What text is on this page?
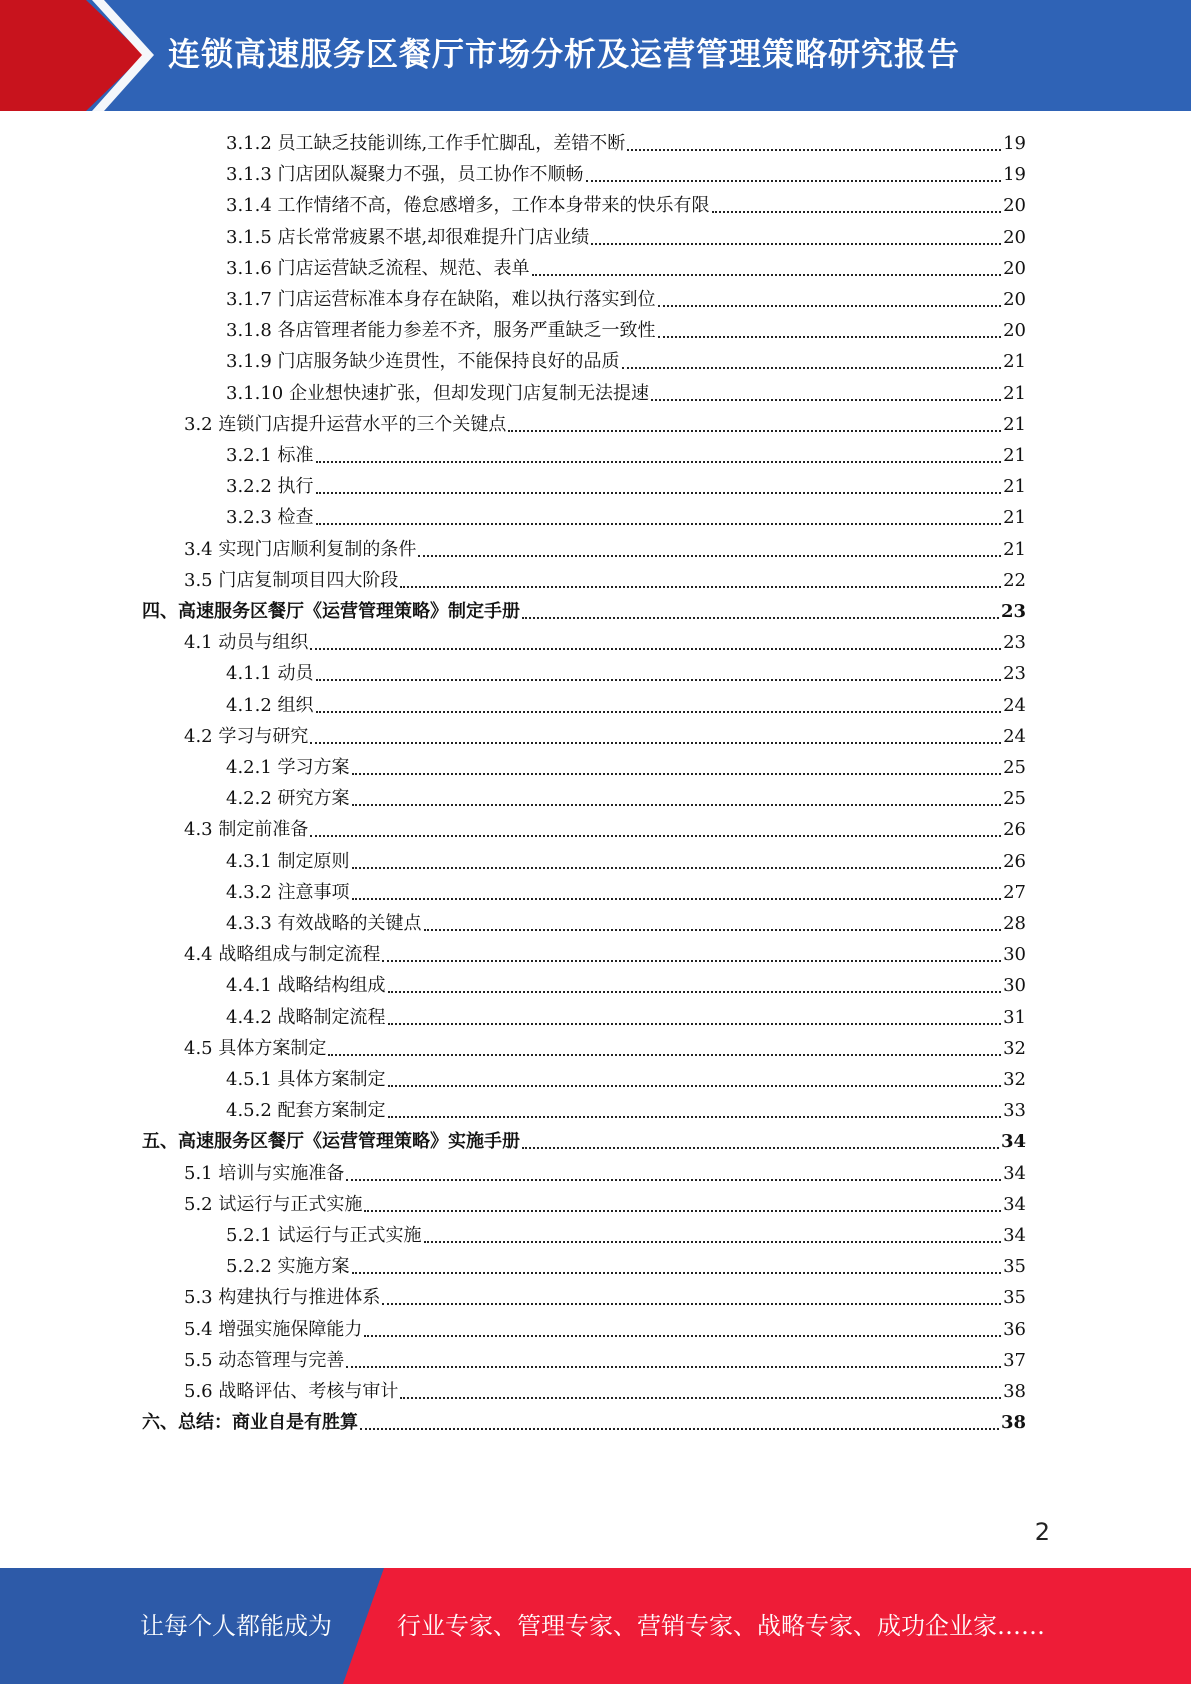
连锁高速服务区餐厅市场分析及运营管理策略研究报告
3.1.2 员工缺乏技能训练,工作手忙脚乱，差错不断	19
3.1.3 门店团队凝聚力不强，员工协作不顺畅	19
3.1.4 工作情绪不高，倦怠感增多，工作本身带来的快乐有限	20
3.1.5 店长常常疲累不堪,却很难提升门店业绩	20
3.1.6 门店运营缺乏流程、规范、表单	20
3.1.7 门店运营标准本身存在缺陷，难以执行落实到位	20
3.1.8 各店管理者能力参差不齐，服务严重缺乏一致性	20
3.1.9 门店服务缺少连贯性，不能保持良好的品质	21
3.1.10 企业想快速扩张，但却发现门店复制无法提速	21
3.2 连锁门店提升运营水平的三个关键点	21
3.2.1 标准	21
3.2.2 执行	21
3.2.3 检查	21
3.4 实现门店顺利复制的条件	21
3.5 门店复制项目四大阶段	22
四、高速服务区餐厅《运营管理策略》制定手册	23
4.1 动员与组织	23
4.1.1 动员	23
4.1.2 组织	24
4.2 学习与研究	24
4.2.1 学习方案	25
4.2.2 研究方案	25
4.3 制定前准备	26
4.3.1 制定原则	26
4.3.2 注意事项	27
4.3.3 有效战略的关键点	28
4.4 战略组成与制定流程	30
4.4.1 战略结构组成	30
4.4.2 战略制定流程	31
4.5 具体方案制定	32
4.5.1 具体方案制定	32
4.5.2 配套方案制定	33
五、高速服务区餐厅《运营管理策略》实施手册	34
5.1 培训与实施准备	34
5.2 试运行与正式实施	34
5.2.1 试运行与正式实施	34
5.2.2 实施方案	35
5.3 构建执行与推进体系	35
5.4 增强实施保障能力	36
5.5 动态管理与完善	37
5.6 战略评估、考核与审计	38
六、总结：商业自是有胜算	38
2
让每个人都能成为	行业专家、管理专家、营销专家、战略专家、成功企业家……
